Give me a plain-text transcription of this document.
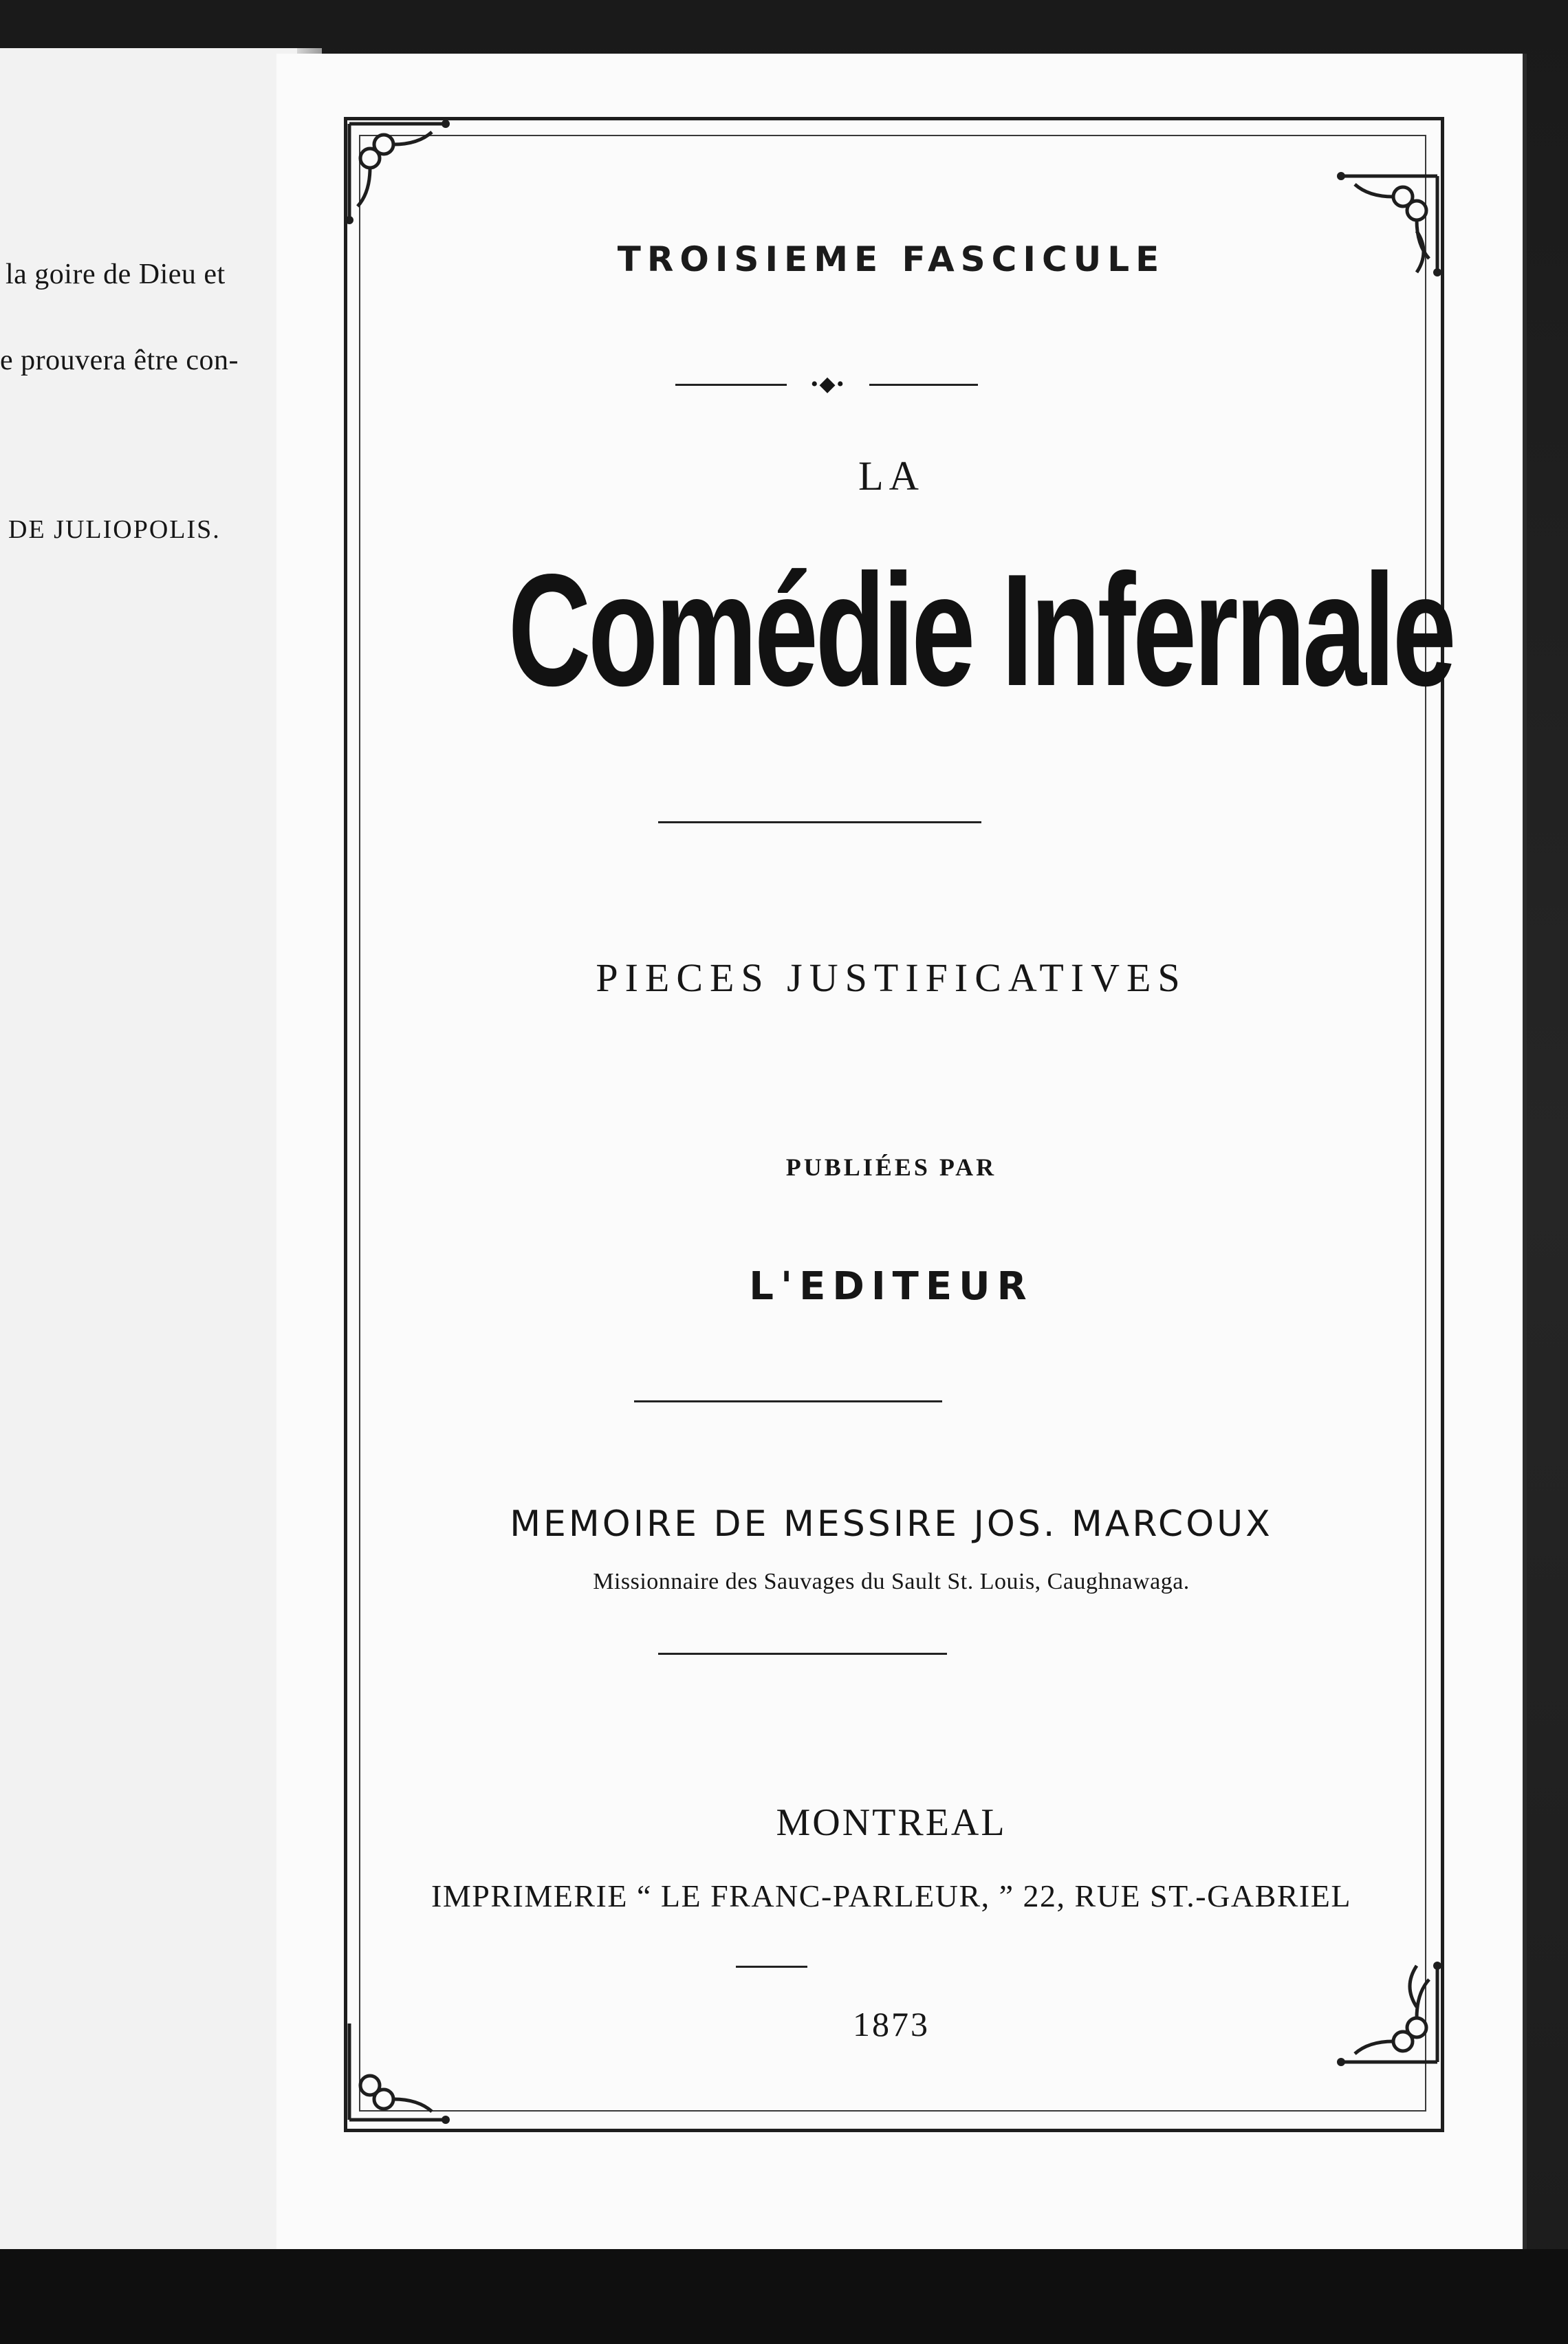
la goire de Dieu et
e prouvera être con-
DE JULIOPOLIS.
TROISIEME FASCICULE
•◆•
LA
Comédie Infernale
PIECES JUSTIFICATIVES
PUBLIÉES PAR
L'EDITEUR
MEMOIRE DE MESSIRE JOS. MARCOUX
Missionnaire des Sauvages du Sault St. Louis, Caughnawaga.
MONTREAL
IMPRIMERIE “ LE FRANC-PARLEUR, ” 22, RUE ST.-GABRIEL
1873
